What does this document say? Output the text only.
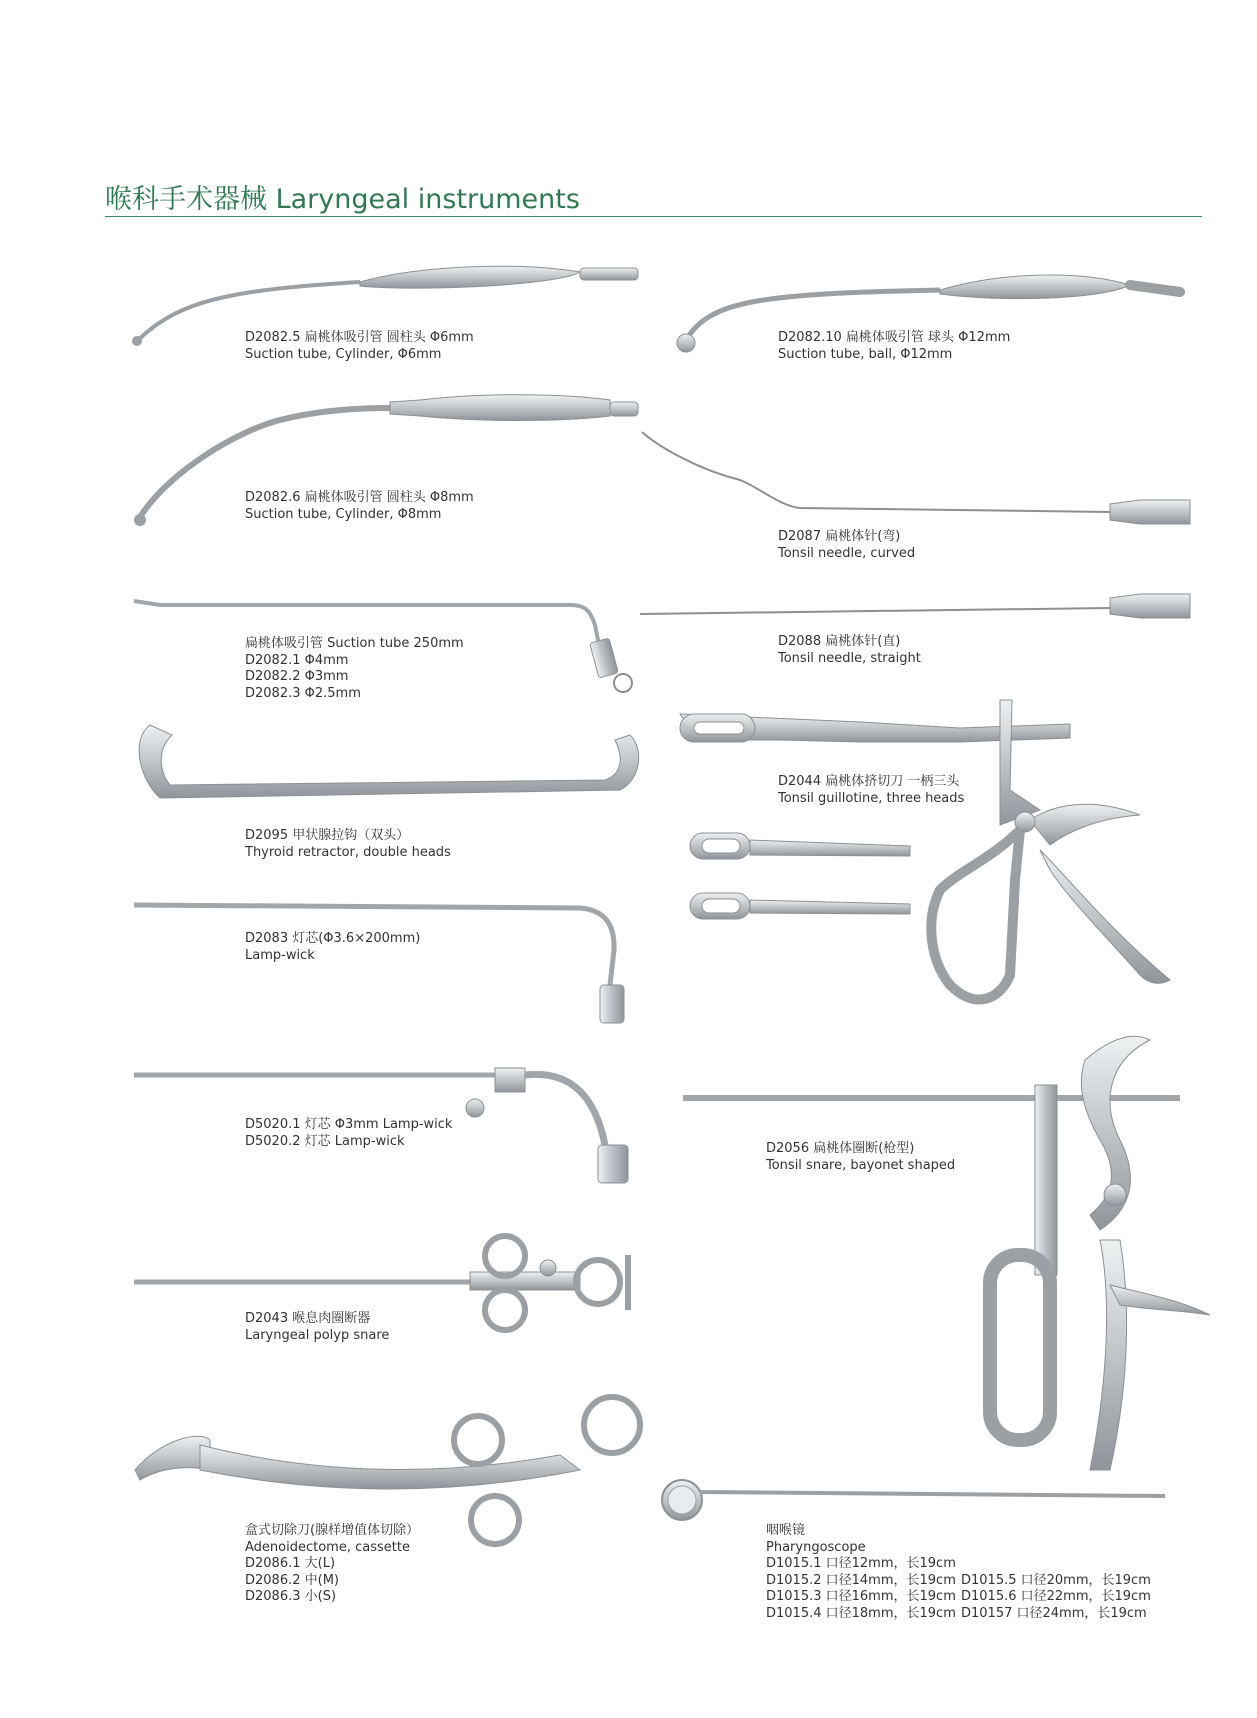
喉科手术器械 Laryngeal instruments
D2082.5 扁桃体吸引管 圆柱头 Φ6mm
Suction tube, Cylinder, Φ6mm
D2082.10 扁桃体吸引管 球头 Φ12mm
Suction tube, ball, Φ12mm
D2082.6 扁桃体吸引管 圆柱头 Φ8mm
Suction tube, Cylinder, Φ8mm
D2087 扁桃体针(弯)
Tonsil needle, curved
扁桃体吸引管 Suction tube 250mm
D2082.1 Φ4mm
D2082.2 Φ3mm
D2082.3 Φ2.5mm
D2088 扁桃体针(直)
Tonsil needle, straight
D2044 扁桃体挤切刀 一柄三头
Tonsil guillotine, three heads
D2095 甲状腺拉钩（双头）
Thyroid retractor, double heads
D2083 灯芯(Φ3.6×200mm)
Lamp-wick
D5020.1 灯芯 Φ3mm Lamp-wick
D5020.2 灯芯 Lamp-wick	D2056 扁桃体圈断(枪型)
Tonsil snare, bayonet shaped
D2043 喉息肉圈断器
Laryngeal polyp snare
盒式切除刀(腺样增值体切除）
Adenoidectome, cassette
D2086.1 大(L)
D2086.2 中(M)
D2086.3 小(S)
咽喉镜
Pharyngoscope
D1015.1 口径12mm，长19cm
D1015.2 口径14mm，长19cm D1015.5 口径20mm，长19cm
D1015.3 口径16mm，长19cm D1015.6 口径22mm，长19cm
D1015.4 口径18mm，长19cm D10157 口径24mm，长19cm
